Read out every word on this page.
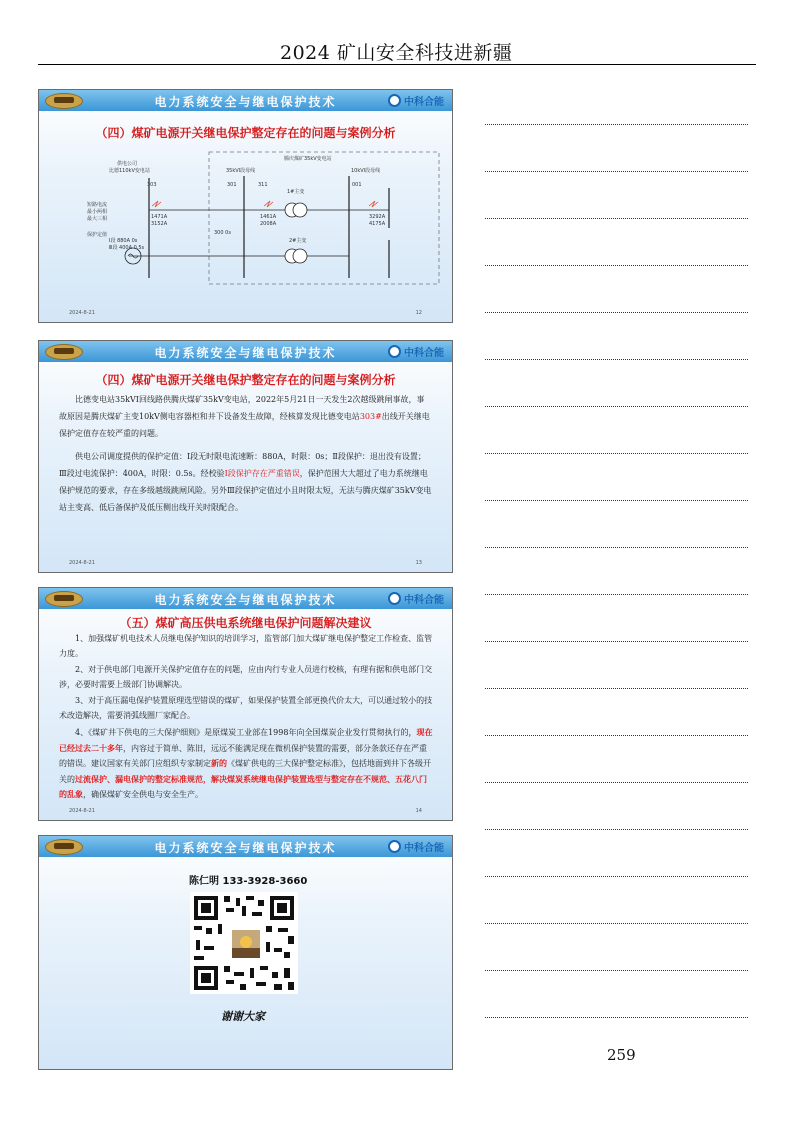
2024 矿山安全科技进新疆
电力系统安全与继电保护技术	中科合能
（四）煤矿电源开关继电保护整定存在的问题与案例分析
供电公司比德110kV变电站
腾庆煤矿35kV变电站
35kVⅠ段母线	10kVⅠ段母线
303	301	311	001
1#主变
2#主变
短路电流
最小两相
最大三相
保护定值
Ⅰ段 880A 0s
Ⅲ段 400A 0.5s
1471A
3152A
1461A
2008A
3292A
4175A
300 0s
2024-8-21	12
电力系统安全与继电保护技术	中科合能
（四）煤矿电源开关继电保护整定存在的问题与案例分析

比德变电站35kVⅠ回线路供腾庆煤矿35kV变电站，2022年5月21日一天发生2次越级跳闸事故，事故原因是腾庆煤矿主变10kV侧电容器柜和井下设备发生故障，经核算发现比德变电站303#出线开关继电保护定值存在较严重的问题。

供电公司调度提供的保护定值：Ⅰ段无时限电流速断：880A，时限：0s；Ⅱ段保护：退出没有设置；Ⅲ段过电流保护：400A，时限：0.5s。经校验Ⅰ段保护存在严重错误，保护范围大大超过了电力系统继电保护规范的要求，存在多级越级跳闸风险。另外Ⅲ段保护定值过小且时限太短，无法与腾庆煤矿35kV变电站主变高、低后备保护及低压侧出线开关时限配合。

2024-8-21	13
电力系统安全与继电保护技术	中科合能
（五）煤矿高压供电系统继电保护问题解决建议

1、加强煤矿机电技术人员继电保护知识的培训学习，监管部门加大煤矿继电保护整定工作检查、监管力度。

2、对于供电部门电源开关保护定值存在的问题，应由内行专业人员进行校核，有理有据和供电部门交涉，必要时需要上级部门协调解决。

3、对于高压漏电保护装置原理选型错误的煤矿，如果保护装置全部更换代价太大，可以通过较小的技术改造解决，需要消弧线圈厂家配合。

4、《煤矿井下供电的三大保护细则》是原煤炭工业部在1998年向全国煤炭企业发行贯彻执行的，现在已经过去二十多年，内容过于简单、陈旧，远远不能满足现在微机保护装置的需要，部分条款还存在严重的错误。建议国家有关部门应组织专家制定新的《煤矿供电的三大保护整定标准》，包括地面到井下各级开关的过流保护、漏电保护的整定标准规范，解决煤炭系统继电保护装置选型与整定存在不规范、五花八门的乱象，确保煤矿安全供电与安全生产。

2024-8-21	14
电力系统安全与继电保护技术	中科合能
陈仁明 133-3928-3660
谢谢大家
259
